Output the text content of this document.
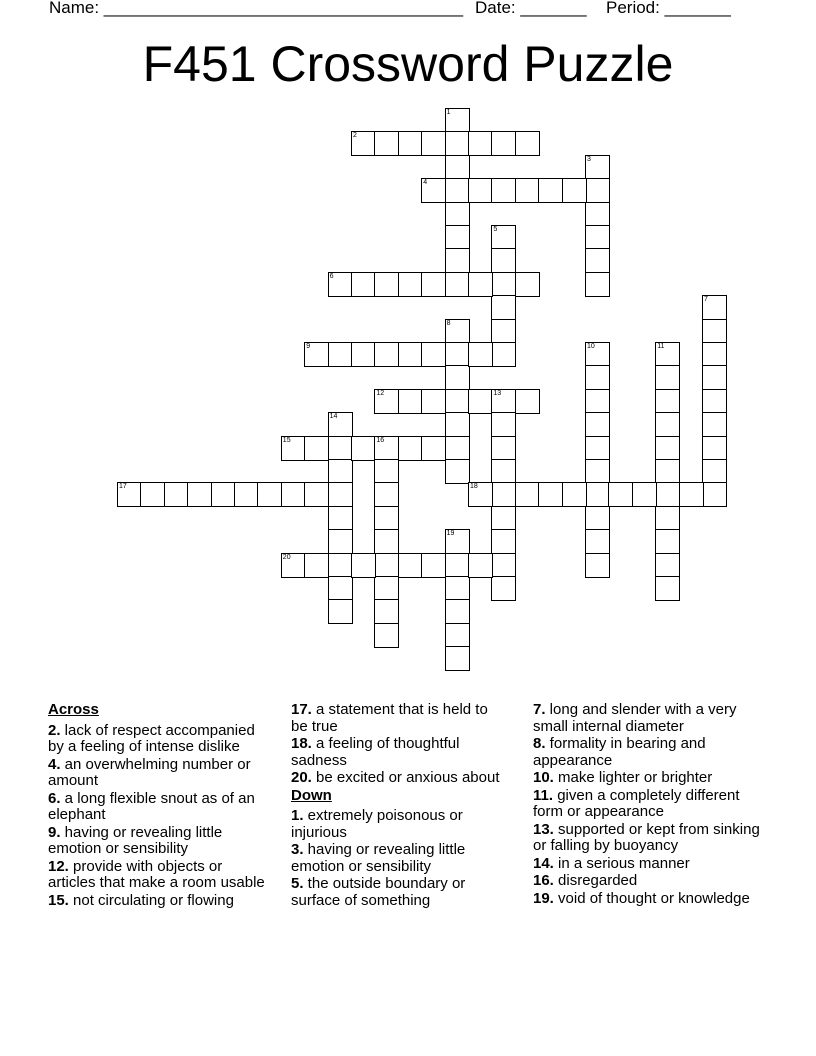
Name: ______________________________________ Date: _______ Period: _______
F451 Crossword Puzzle
1
2
3
4
5
6
7
8
9	10	11
12	13
14
15	16
17	18
19
20
Across
2. lack of respect accompanied by a feeling of intense dislike
4. an overwhelming number or amount
6. a long flexible snout as of an elephant
9. having or revealing little emotion or sensibility
12. provide with objects or articles that make a room usable
15. not circulating or flowing
17. a statement that is held to be true
18. a feeling of thoughtful sadness
20. be excited or anxious about
Down
1. extremely poisonous or injurious
3. having or revealing little emotion or sensibility
5. the outside boundary or surface of something
7. long and slender with a very small internal diameter
8. formality in bearing and appearance
10. make lighter or brighter
11. given a completely different form or appearance
13. supported or kept from sinking or falling by buoyancy
14. in a serious manner
16. disregarded
19. void of thought or knowledge
